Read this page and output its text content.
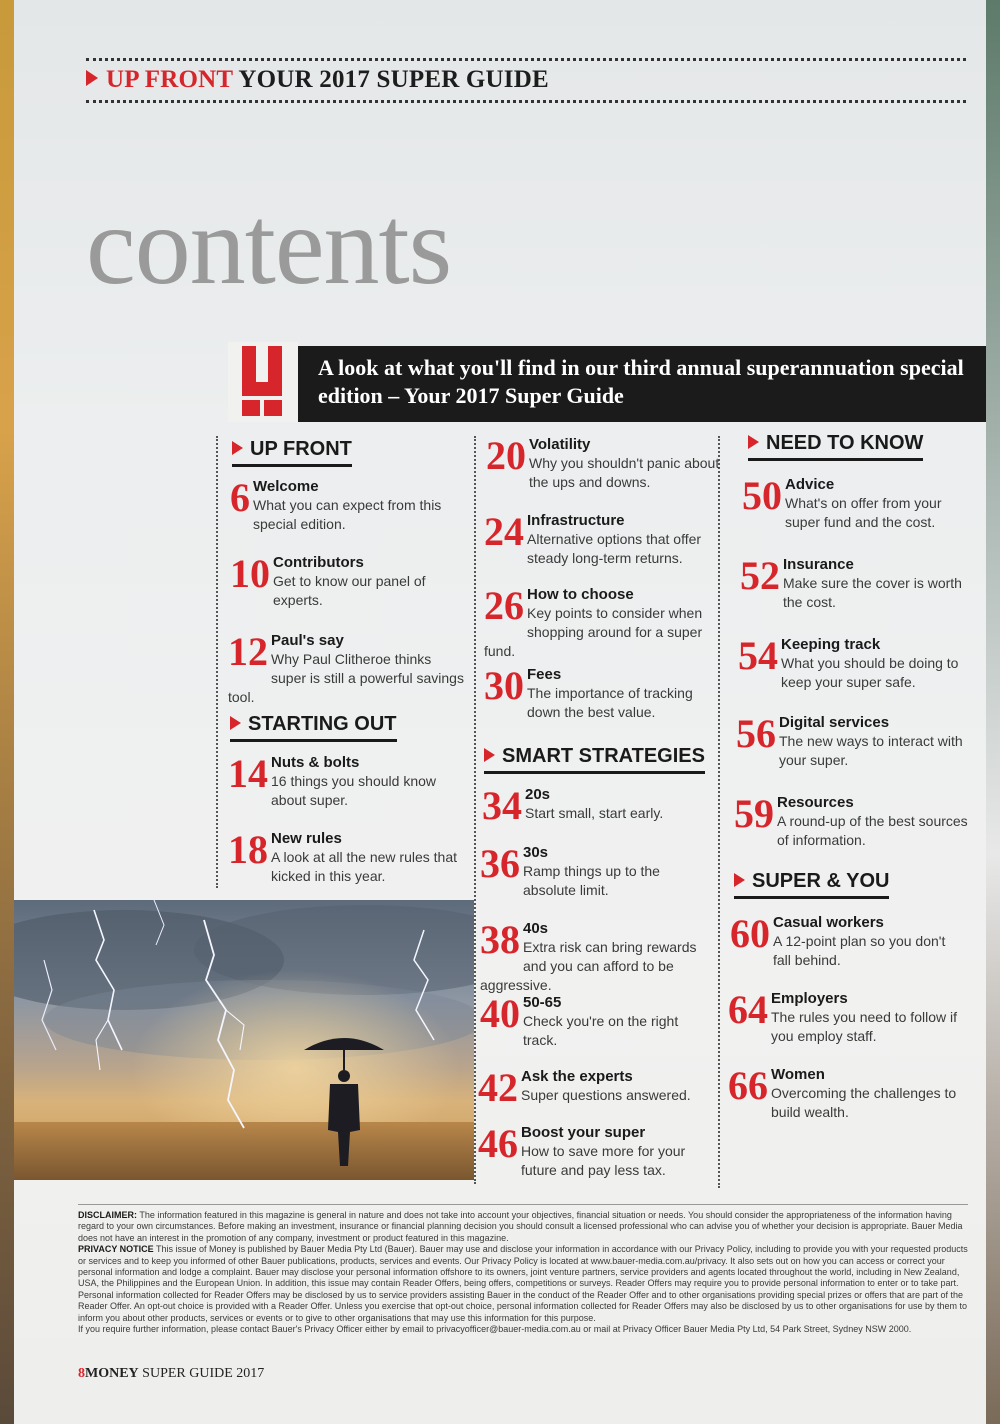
UP FRONT YOUR 2017 SUPER GUIDE
contents
A look at what you'll find in our third annual superannuation special edition – Your 2017 Super Guide
UP FRONT
STARTING OUT
SMART STRATEGIES
NEED TO KNOW
SUPER & YOU
6 Welcome
What you can expect from this special edition.
10 Contributors
Get to know our panel of experts.
12 Paul's say
Why Paul Clitheroe thinks super is still a powerful savings tool.
14 Nuts & bolts
16 things you should know about super.
18 New rules
A look at all the new rules that kicked in this year.
20 Volatility
Why you shouldn't panic about the ups and downs.
24 Infrastructure
Alternative options that offer steady long-term returns.
26 How to choose
Key points to consider when shopping around for a super fund.
30 Fees
The importance of tracking down the best value.
34 20s
Start small, start early.
36 30s
Ramp things up to the absolute limit.
38 40s
Extra risk can bring rewards and you can afford to be aggressive.
40 50-65
Check you're on the right track.
42 Ask the experts
Super questions answered.
46 Boost your super
How to save more for your future and pay less tax.
50 Advice
What's on offer from your super fund and the cost.
52 Insurance
Make sure the cover is worth the cost.
54 Keeping track
What you should be doing to keep your super safe.
56 Digital services
The new ways to interact with your super.
59 Resources
A round-up of the best sources of information.
60 Casual workers
A 12-point plan so you don't fall behind.
64 Employers
The rules you need to follow if you employ staff.
66 Women
Overcoming the challenges to build wealth.

DISCLAIMER: The information featured in this magazine is general in nature and does not take into account your objectives, financial situation or needs. You should consider the appropriateness of the information having regard to your own circumstances. Before making an investment, insurance or financial planning decision you should consult a licensed professional who can advise you of whether your decision is appropriate. Bauer Media does not have an interest in the promotion of any company, investment or product featured in this magazine.

PRIVACY NOTICE This issue of Money is published by Bauer Media Pty Ltd (Bauer). Bauer may use and disclose your information in accordance with our Privacy Policy, including to provide you with your requested products or services and to keep you informed of other Bauer publications, products, services and events. Our Privacy Policy is located at www.bauer-media.com.au/privacy. It also sets out on how you can access or correct your personal information and lodge a complaint. Bauer may disclose your personal information offshore to its owners, joint venture partners, service providers and agents located throughout the world, including in New Zealand, USA, the Philippines and the European Union. In addition, this issue may contain Reader Offers, being offers, competitions or surveys. Reader Offers may require you to provide personal information to enter or to take part. Personal information collected for Reader Offers may be disclosed by us to service providers assisting Bauer in the conduct of the Reader Offer and to other organisations providing special prizes or offers that are part of the Reader Offer. An opt-out choice is provided with a Reader Offer. Unless you exercise that opt-out choice, personal information collected for Reader Offers may also be disclosed by us to other organisations for use by them to inform you about other products, services or events or to give to other organisations that may use this information for this purpose.

If you require further information, please contact Bauer's Privacy Officer either by email to privacyofficer@bauer-media.com.au or mail at Privacy Officer Bauer Media Pty Ltd, 54 Park Street, Sydney NSW 2000.

8MONEY SUPER GUIDE 2017
